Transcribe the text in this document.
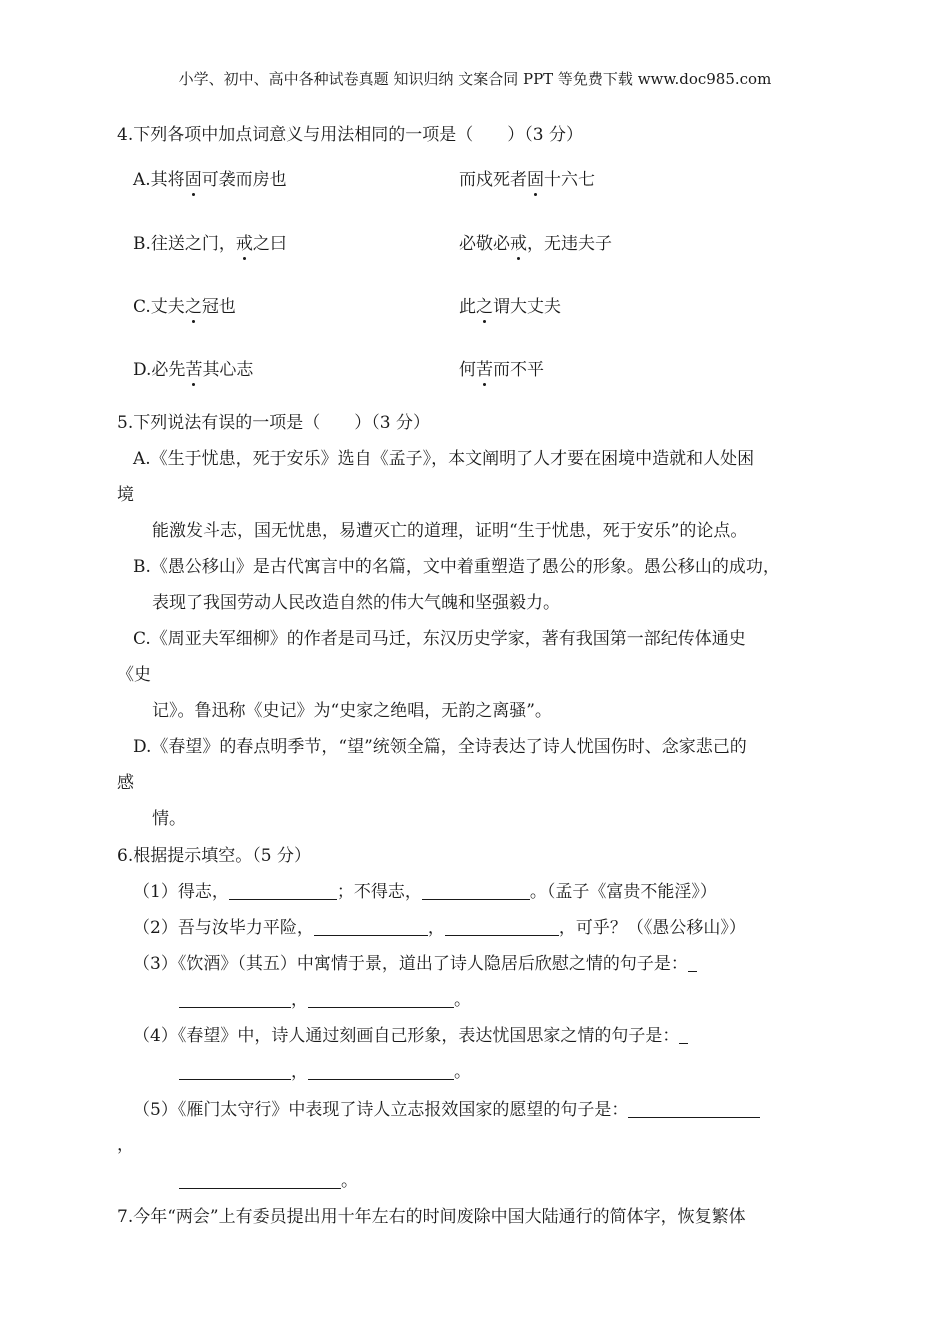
小学、初中、高中各种试卷真题 知识归纳 文案合同 PPT 等免费下载 www.doc985.com
4.下列各项中加点词意义与用法相同的一项是（　　）（3 分）
A.其将固可袭而房也	而戍死者固十六七
B.往送之门，戒之曰	必敬必戒，无违夫子
C.丈夫之冠也	此之谓大丈夫
D.必先苦其心志	何苦而不平
5.下列说法有误的一项是（　　）（3 分）
A.《生于忧患，死于安乐》选自《孟子》，本文阐明了人才要在困境中造就和人处困
境
能激发斗志，国无忧患，易遭灭亡的道理，证明“生于忧患，死于安乐”的论点。
B.《愚公移山》是古代寓言中的名篇，文中着重塑造了愚公的形象。愚公移山的成功，
表现了我国劳动人民改造自然的伟大气魄和坚强毅力。
C.《周亚夫军细柳》的作者是司马迁，东汉历史学家，著有我国第一部纪传体通史
《史
记》。鲁迅称《史记》为“史家之绝唱，无韵之离骚”。
D.《春望》的春点明季节，“望”统领全篇，全诗表达了诗人忧国伤时、念家悲己的
感
情。
6.根据提示填空。（5 分）
（1）得志，	；不得志，	。（孟子《富贵不能淫》）
（2）吾与汝毕力平险，	，	，可乎？（《愚公移山》）
（3）《饮酒》（其五）中寓情于景，道出了诗人隐居后欣慰之情的句子是：
，	。
（4）《春望》中，诗人通过刻画自己形象，表达忧国思家之情的句子是：
，	。
（5）《雁门太守行》中表现了诗人立志报效国家的愿望的句子是：
，
。
7.今年“两会”上有委员提出用十年左右的时间废除中国大陆通行的简体字，恢复繁体
